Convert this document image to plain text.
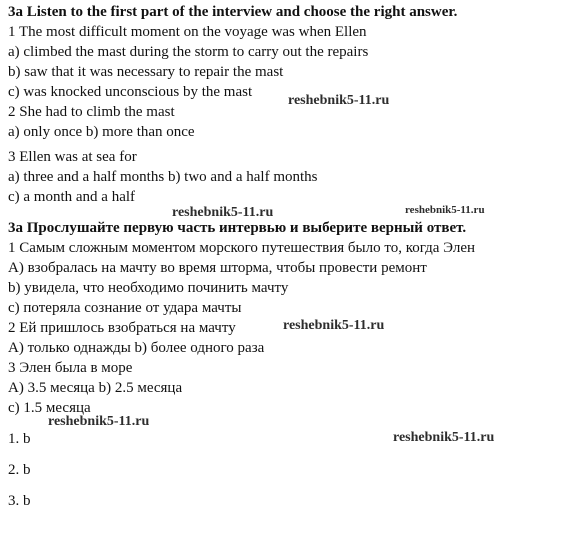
3a Listen to the first part of the interview and choose the right answer.
1 The most difficult moment on the voyage was when Ellen
a) climbed the mast during the storm to carry out the repairs
b) saw that it was necessary to repair the mast
c) was knocked unconscious by the mast
2 She had to climb the mast
a) only once b) more than once
3 Ellen was at sea for
a) three and a half months b) two and a half months
c) a month and a half
3a Прослушайте первую часть интервью и выберите верный ответ.
1 Самым сложным моментом морского путешествия было то, когда Элен
A) взобралась на мачту во время шторма, чтобы провести ремонт
b) увидела, что необходимо починить мачту
c) потеряла сознание от удара мачты
2 Ей пришлось взобраться на мачту
A) только однажды b) более одного раза
3 Элен была в море
A) 3.5 месяца b) 2.5 месяца
c) 1.5 месяца
1. b
2. b
3. b
reshebnik5-11.ru
reshebnik5-11.ru	reshebnik5-11.ru
reshebnik5-11.ru
reshebnik5-11.ru
reshebnik5-11.ru
